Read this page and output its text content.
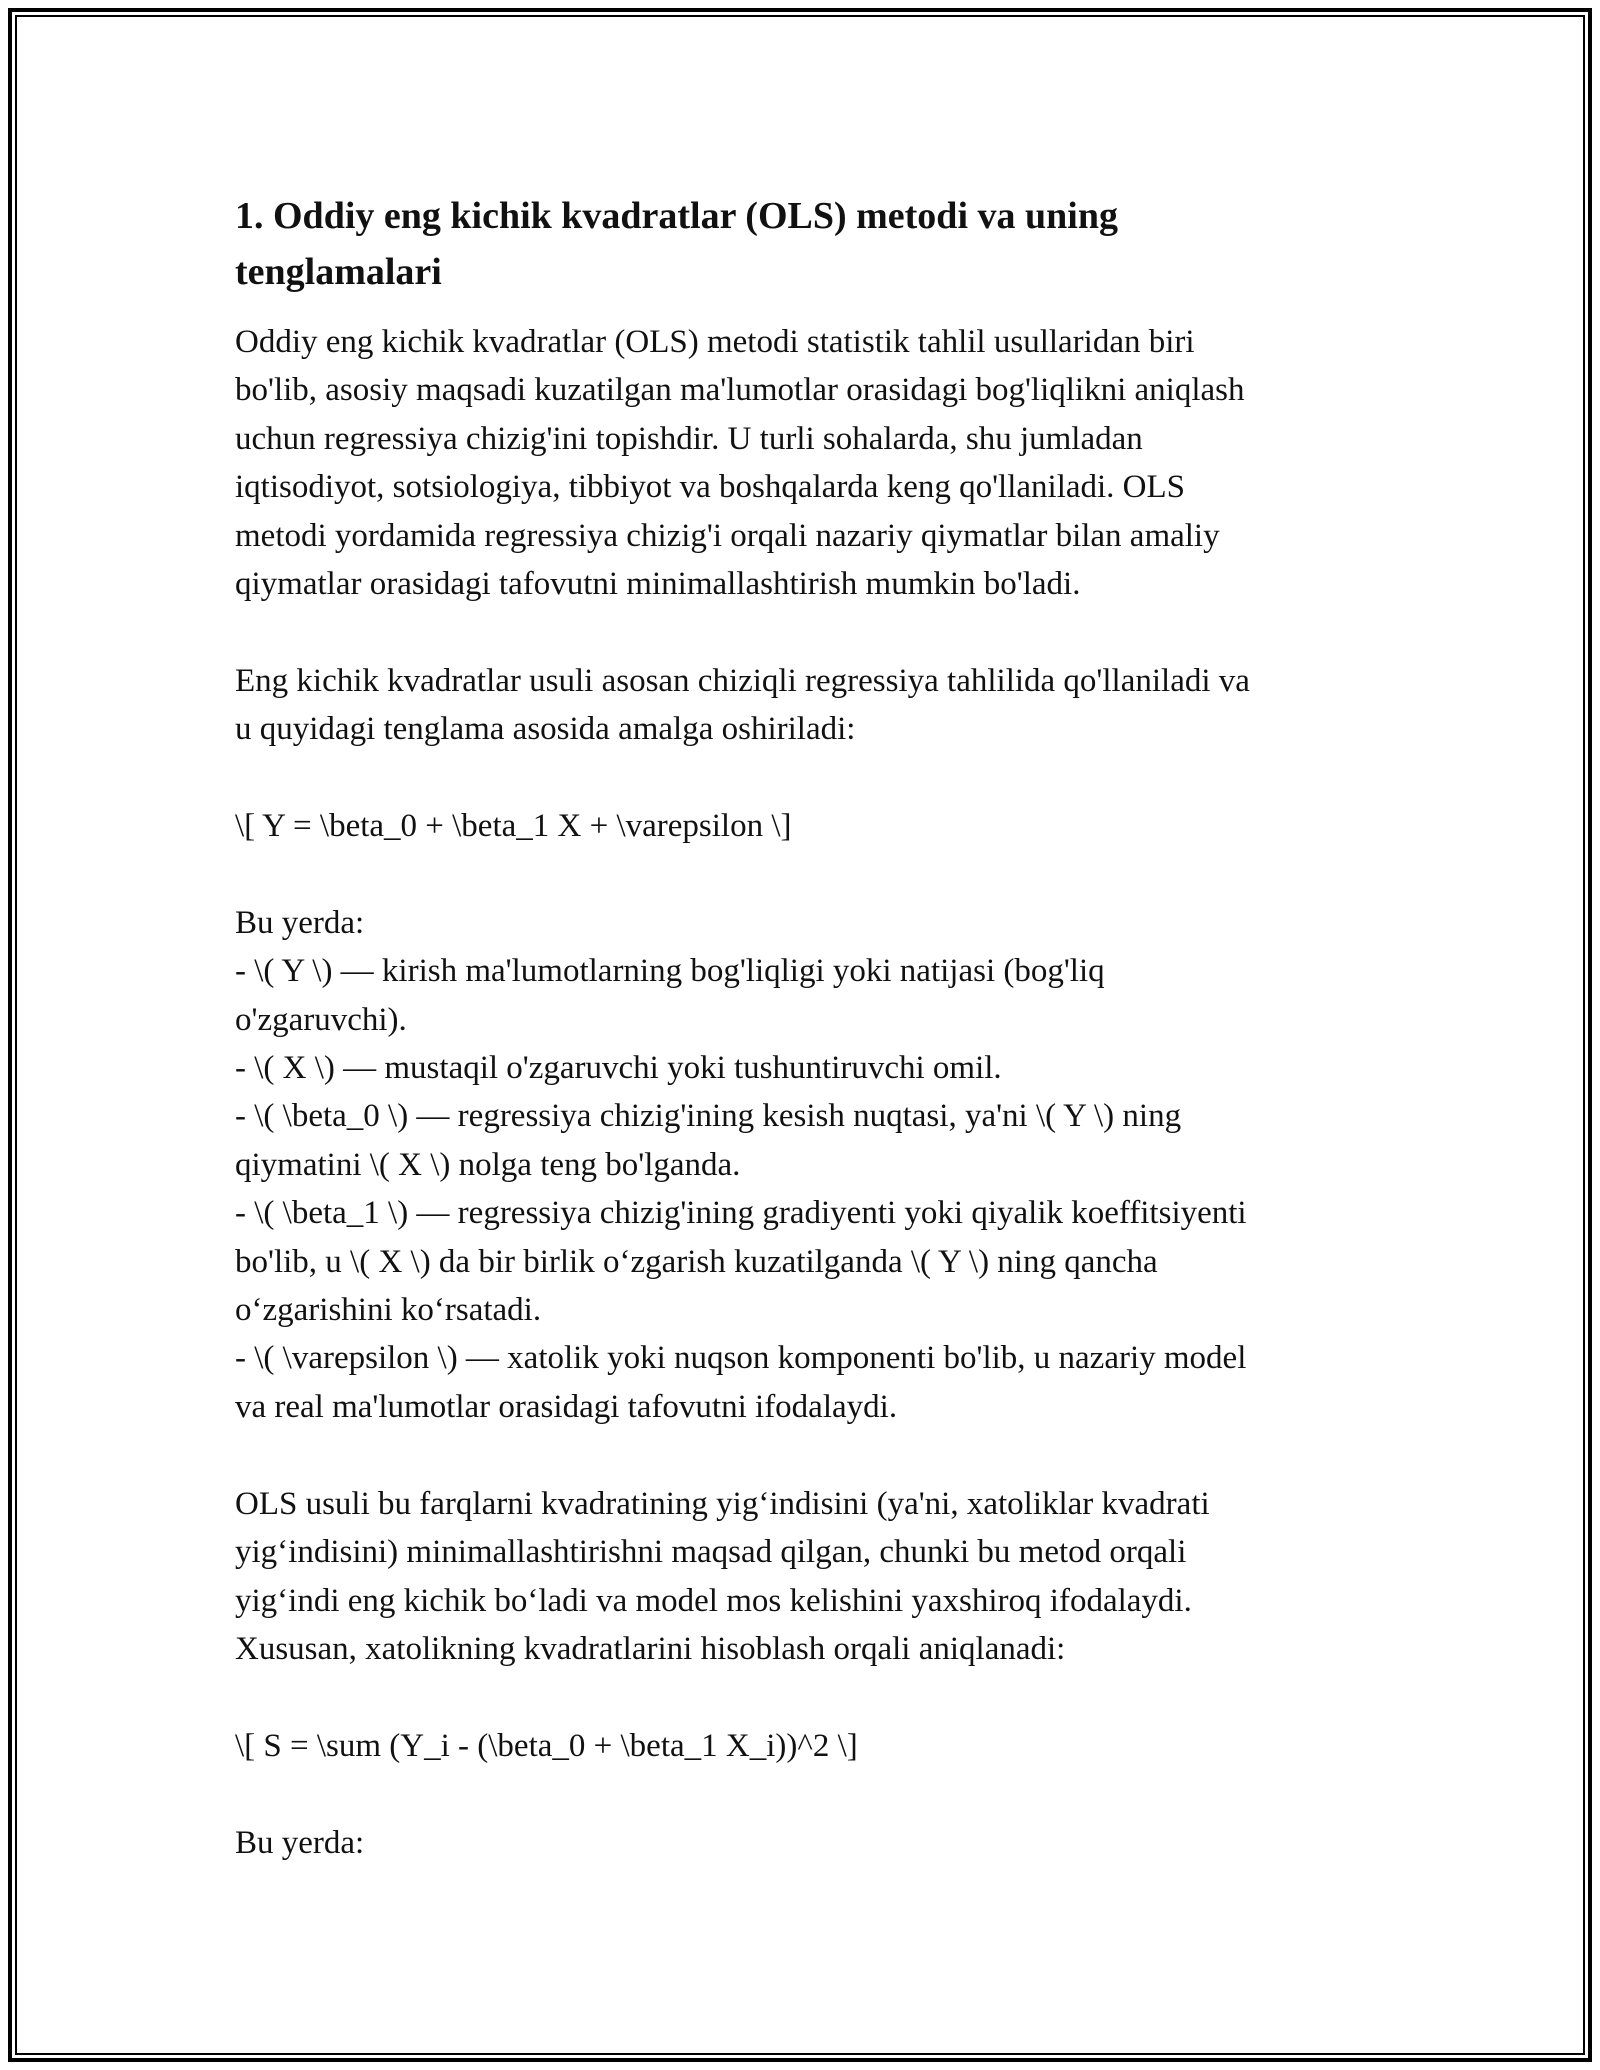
1. Oddiy eng kichik kvadratlar (OLS) metodi va uning
tenglamalari
Oddiy eng kichik kvadratlar (OLS) metodi statistik tahlil usullaridan biri
bo'lib, asosiy maqsadi kuzatilgan ma'lumotlar orasidagi bog'liqlikni aniqlash
uchun regressiya chizig'ini topishdir. U turli sohalarda, shu jumladan
iqtisodiyot, sotsiologiya, tibbiyot va boshqalarda keng qo'llaniladi. OLS
metodi yordamida regressiya chizig'i orqali nazariy qiymatlar bilan amaliy
qiymatlar orasidagi tafovutni minimallashtirish mumkin bo'ladi.
Eng kichik kvadratlar usuli asosan chiziqli regressiya tahlilida qo'llaniladi va
u quyidagi tenglama asosida amalga oshiriladi:
\[ Y = \beta_0 + \beta_1 X + \varepsilon \]
Bu yerda:
- \( Y \) — kirish ma'lumotlarning bog'liqligi yoki natijasi (bog'liq
o'zgaruvchi).
- \( X \) — mustaqil o'zgaruvchi yoki tushuntiruvchi omil.
- \( \beta_0 \) — regressiya chizig'ining kesish nuqtasi, ya'ni \( Y \) ning
qiymatini \( X \) nolga teng bo'lganda.
- \( \beta_1 \) — regressiya chizig'ining gradiyenti yoki qiyalik koeffitsiyenti
bo'lib, u \( X \) da bir birlik o‘zgarish kuzatilganda \( Y \) ning qancha
o‘zgarishini ko‘rsatadi.
- \( \varepsilon \) — xatolik yoki nuqson komponenti bo'lib, u nazariy model
va real ma'lumotlar orasidagi tafovutni ifodalaydi.
OLS usuli bu farqlarni kvadratining yig‘indisini (ya'ni, xatoliklar kvadrati
yig‘indisini) minimallashtirishni maqsad qilgan, chunki bu metod orqali
yig‘indi eng kichik bo‘ladi va model mos kelishini yaxshiroq ifodalaydi.
Xususan, xatolikning kvadratlarini hisoblash orqali aniqlanadi:
\[ S = \sum (Y_i - (\beta_0 + \beta_1 X_i))^2 \]
Bu yerda:
